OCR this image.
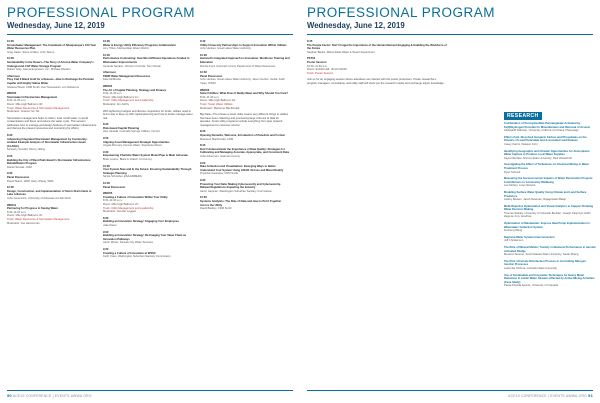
PROFESSIONAL PROGRAM
Wednesday, June 12, 2019
10:00
Groundwater Management: The Comeback of Albuquerque's 100-Year Water Resources Plan
Greg Gates, Steve Grollier, John Stomp
10:30
Sustainability in the Desert—The Story of Arizona Water Company's Underground CAP Water Storage Program
Robert Gray, Garcia Engineers, Inc.; Michael Warden
Afternoon
They Call It Black Gold for a Reason—How to Recharge the Permian Aquifer with Highly Saline Water
Shawna Wood, CDM Smith; Ava Tzanavaran; Lou Nobarrum
WED03
Stormwater Infrastructure Management
8:30–11:30 a.m.
Room: Mile High Ballroom 4D
Track: Water Resources & Stormwater Management
Moderator: Jessica Yen Tat
Stormwater management helps to reflect, treat runoff water, to avoid contamination and flood, and reduce the water cycle. This session addresses how to manage and design features of stormwater infrastructure and discuss the present resources and monitoring for efforts.
8:30
Advancing Integrated Stormwater Management by Community-enabled Example Analysis of Stormwater Infrastructure Goals (CLASIC)
Kimberly Goodell, Sherry Hilling
9:00
Building the City of West Palm Beach's Stormwater Infrastructure Rehabilitation Program
Daniel Szuwat, CDM
9:30
Panel Discussion
David Skarin, HDR; Harry Zhang, WRF
10:00
Design, Construction, and Implementation of Storm Drain Inlets in Lake Arkansas
John Gorenicich, University of Arkansas at Little Rock
WED11
Partnering for Progress in Saving Water
8:30–11:00 a.m.
Room: Mile High Ballroom 4C
Track: Water Resources & Stormwater Management
Moderator: Joe Heimerman
10:00
Water & Energy Utility Efficiency Programs Collaboration
Amy Tillies, Metropolitan Water District
10:30
Performance Contracting: How Most Efficient Operations Funded in Wastewater Improvements
Amanda Sarquis, Johnson Controls; Tom Gilman
Afternoon
FEMP Water Management Resources
Kate McMordie
WED04
The Art of Capital Planning, Strategy and Finance
8:30–11:30 a.m.
Room: Mile High Ballroom 1C
Track: Utility Management and Leadership
Moderator: Jim Ashby
With tightening budgets and diverse competition for funds, utilities need to find a way to keep up with capital planning and how to better manage asset risk.
8:30
Risk-based Capital Planning
Alex Vanada, Colorado Springs Utilities; Iris Grit
9:00
Aligning Asset Management Strategic Opportunities
Angela Bromary, Denver Water; Stephanie Moore
9:30
Empowering Charlotte Water System Model Pipe to Main Advocate
Brian Lupton, Black & Veatch; Kit Conroy
10:00
Your System Now and In the Future: Ensuring Sustainability Through Strategic Planning
Nicole Schreiber, ESA/AMBERG
10:30
Panel Discussion
WED05
Creating a Culture of Innovation Within Your Utility
8:30–11:30 a.m.
Room: Mile High Ballroom 2C
Track: Utility Management and Leadership
Moderator: Jennifer Leggett
8:30
Building an Innovation Strategy: Engaging Your Employees
Jake Dieter
9:00
Building an Innovation Strategy: Re-Imaging Your Value Chain as Innovation Pathways
Aaron Moser, Kansas City Water Services
9:30
Creating a Culture of Innovation at WSSC
Keith Yates, Washington Suburban Sanitary Commission
9:42
Utility-University Partnerships to Support Innovation Within Utilities
John Henkes, Great Lakes Water Authority
10:00
Gwinnett's Integrated Approach to Innovation, Workforce Training and Education
Ronnie Ford, Gwinnett County Department of Water Resources
10:30
Panel Discussion
John Henkes, Great Lakes Water Authority; Jason Gerber, Veolia; Keith Yates, WSSC
WED06
Smart Utilities: What Does It Really Mean and Why Should You Care?
8:30–11:30 a.m.
Room: Mile High Ballroom 1E
Track: Smart Water Utilities
Moderator: Marianne MacDonald
Big Data—The phrase a smart utility means very different things to utilities that have been collecting and processing large volumes of data for decades. Smart utility programs include everything from pipe network management to customer service.
8:30
Opening Remarks, Welcome, Introduction of Panelists and Format
Marianne MacDonald, CDM
8:45
Don't Underestimate the Importance of Data Quality: Strategies for Cultivating and Managing Accurate, Appropriate, and Consistent Data
John Ackerman, Gwinnett County
9:00
Data Collection and Visualization: Emerging Ways to Better Understand Your System Using LIDAR, Drones and Mixed Reality
Priyanka Caranasa, CDM Smith
9:30
Protecting Your Data: Making Cybersecurity and Cybersecurity-Related Regulations Impacting the Industry
Aaron Hayman, Washington Suburban Sanitary Commission
10:00
Systems Analytics: The Role of Data and How to Put It Together Across the Utility
David Barkley, CDM Smith
90 ACE19 CONFERENCE | EVENTS.AWWA.ORG
PROFESSIONAL PROGRAM
Wednesday, June 12, 2019
9:45
The People Factor: Don't Forget the Importance of the Human Element Engaging & Enabling the Workforce of the Future
Stephan Banks, Miami-Dade Water & Sewer Department
PST04
Poster Session
10:00–11:30 a.m.
Room: Exhibit Hall - Booth #2045
Track: Poster Session
Join us for an engaging session where attendees can interact with the poster presenters. Poster researchers, program managers, consultants, and utility staff will show you the research results and exchange expert knowledge.
RESEARCH
Combination of Peroxydisulfate Permanganate Activated by Fe(II)/Hydrogen Peroxide for Mineralization and Removal of Arsenic
Abduqadir Rahman, University of Illinois at Urbana Champaign
Effect of pH, Dissolved Inorganic Carbon and Phosphates on the Kinetics of Lead Particulate and Associated Lead Release
Casey Karimi, Dawson Kohr
Identifying Geographic and Climatic Opportunities for Atmospheric Water Capture to Produce Local Water Supplies
Kayla Mischler, Arizona State University; Paul Westerhoff
Investigating the Effect of Turbulence on Chemical Mixing in Water Treatment Process
Ryan Schrauf
Measuring the Socioeconomic Impacts of Water Restoration Projects: Contributions to Community Wellbeing
Lee Mohan, Loop Network
Modeling Surface Water Quality Using Climate and Land Surface Predictors
Ashley Bowers, Jacob Newman, Rajagopalan Balaji
Multi-Objective Optimization and Visual Analytics to Support Drinking Water Decision Making
Thomas Stokley, University of Colorado Boulder; Joseph Kasprzyk; Edith Zagona; Amy Goodrow
Optimization of Wastewater: Improve Heat Pump Implementation in Wastewater Collection System
Fucheng Wang
Regional Water System Interconnection
Jeff Christenson
The Role of Mineral Metals: Toxicity on Bacteria Performance in Aerobic Activated Sludge
Meseret Tamene, South Dakota State University; Sarah Zhang
The Role of Ferrate Disinfection Process in Controlling Nitrogen Aerobic Processes
Leela Sai Krishna, Colorado State University
Use of Sustainable and Innovative Techniques for Heavy Metal Reduction in Acidic Water Streams Affected by Active Mining Activities (Case Study)
Paola Almeida Aponte, University of Colorado
ACE19 CONFERENCE | EVENTS.AWWA.ORG 91
